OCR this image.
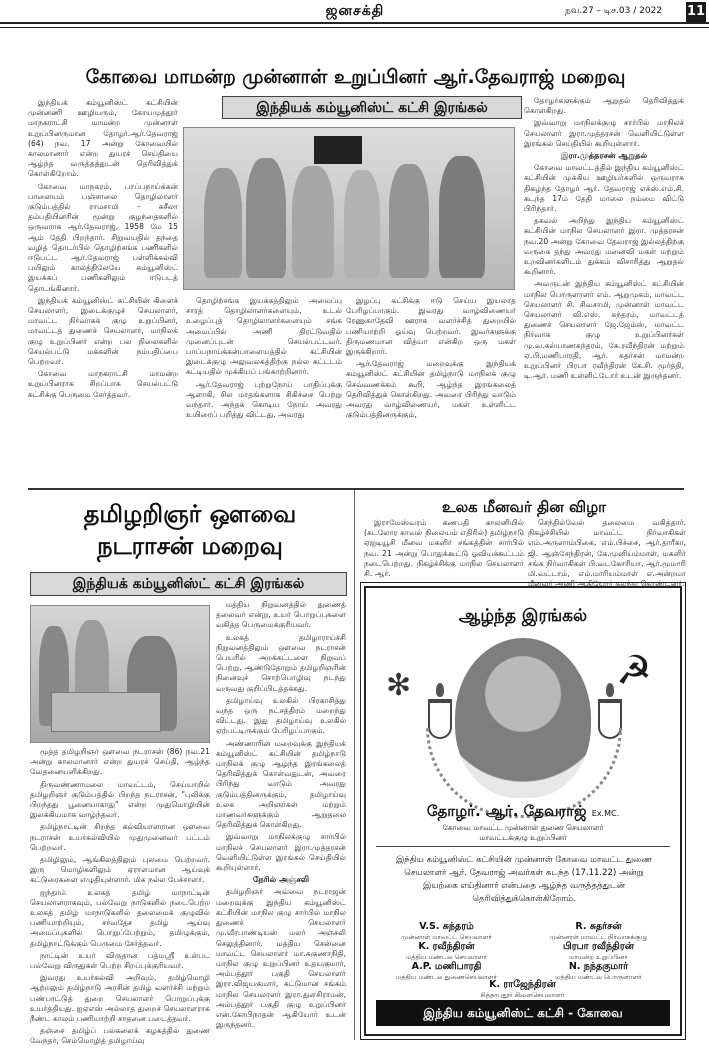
ஜனசக்தி	நவ.27 – டிச.03 / 2022 11
கோவை மாமன்ற முன்னாள் உறுப்பினர் ஆர்.தேவராஜ் மறைவு
இந்தியக் கம்யூனிஸ்ட் கட்சி இரங்கல்

இந்தியக் கம்யூனிஸ்ட் கட்சியின் முன்னணி ஊழியரும், கோயமுத்தூர் மாநகராட்சி மாமன்ற முன்னாள் உறுப்பினருமான தோழர்.ஆர்.தேவராஜ் (64) நவ. 17 அன்று கோவையில் காலமானார் என்ற துயரச் செய்தியை ஆழ்ந்த வருத்தத்துடன் தெரிவித்துக் கொள்கிறோம்.

கோவை மாநகரம், பாப்பநாய்க்கன் பாளையம் பஞ்சாலை தொழிலாளர் குடும்பத்தில் ராமசாமி - சுசீலா தம்பதியினரின் மூன்று குழந்தைகளில் ஒருவராக ஆர்.தேவராஜ், 1958 மே 15 ஆம் தேதி பிறந்தார். சிறுவயதில் தந்தை வழித் தொடர்பில் தொழிற்சங்க பணிகளில் ஈடுபட்ட ஆர்.தேவராஜ் பள்ளிக்கல்வி பயிலும் காலத்திலேயே கம்யூனிஸ்ட் இயக்கப் பணிகளிலும் ஈடுபடத் தொடங்கினார்.

இந்தியக் கம்யூனிஸ்ட் கட்சியின் கிளைச் செயலாளர், இடைக்குழுச் செயலாளர், மாவட்ட நிர்வாகக் குழு உறுப்பினர், மாவட்டத் துணைச் செயலாளர், மாநிலக் குழு உறுப்பினர் என்ற பல நிலைகளில் செயல்பட்டு மக்களின் நம்பதிப்பை பெற்றவர்.

கோவை மாநகராட்சி மாமன்ற உறுப்பினராக சிறப்பாக செயல்பட்டு கட்சிக்கு பெருமை சேர்த்தவர்.

தொழிற்சங்க இயக்கத்திலும் அமைப்பு சாரத் தொழிலாளர்களையும், உடல் உழைப்புத் தொழிலாளர்களையும் சங்க அமைப்பில் அணி திரட்டுவதில் முனைப்புடன் செயல்பட்டவர். பாப்பநாய்க்கன்பாளையத்தில் கட்சியின் இடைக்குழு அலுவலகத்திற்கு நல்ல கட்டடம் கட்டியதில் முக்கியப் பங்காற்றினார்.

ஆர்.தேவராஜ் புற்றுநோய் பாதிப்புக்கு ஆளாகி, சில மாதங்களாக சிகிச்சை பெற்று வந்தார். அந்தக் கொடிய நோய் அவரது உயிரைப் பறித்து விட்டது. அவரது

இழப்பு கட்சிக்கு ஈடு செய்ய இயலாத பேரிழப்பாகும். இவரது வாழ்விணையர் ரேணுகாதேவி ஊராக வளர்ச்சித் துறையில் பணியாற்றி ஓய்வு பெற்றவர். இவர்களுக்கு திருமணமான வித்யா என்கிற ஒரு மகள் இருக்கிறார்.

ஆர்.தேவராஜ் மறைவுக்கு இந்தியக் கம்யூனிஸ்ட் கட்சியின் தமிழ்நாடு மாநிலக் குழு செவ்வணக்கம் கூறி, ஆழ்ந்த இரங்கலைத் தெரிவித்துக் கொள்கிறது. அவரை பிரிந்து வாடும் அவரது வாழ்விணையர், மகள் உள்ளிட்ட குடும்பத்தினருக்கும்,

தோழர்களுக்கும் ஆறுதல் தெரிவித்துக் கொள்கிறது.

இவ்வாறு மாநிலக்குழு சார்பில் மாநிலச் செயலாளர் இரா.முத்தரசன் வெளியிட்டுள்ள இரங்கல் செய்தியில் கூறியுள்ளார்.

இரா.முத்தரசன் ஆறுதல்

கோவை மாவட்டத்தில் இந்திய கம்யூனிஸ்ட் கட்சியின் முக்கிய ஊழியர்களில் ஒருவராக திகழ்ந்த தோழர் ஆர். தேவராஜ் எக்ஸ்.எம்.சி. கடந்த 17ம் தேதி மாலை நம்மை விட்டு பிரிந்தார்.

தகவல் அறிந்து இந்திய கம்யூனிஸ்ட் கட்சியின் மாநில செயலாளர் இரா. முத்தரசன் நவ.20 அன்று கோவை தேவராஜ் இல்லத்திற்கு வருகை தந்து அவரது மனைவி மகள் மற்றும் உறவினர்களிடம் துக்கம் விசாரித்து ஆறுதல் கூறினார்.

அவருடன் இந்திய கம்யூனிஸ்ட் கட்சியின் மாநில பொருளாளர் எம். ஆறுமுகம், மாவட்ட செயலாளர் சி. சிவசாமி, முன்னாள் மாவட்ட செயலாளர் வி.எஸ். சுந்தரம், மாவட்டத் துணைச் செயலாளர் ஜே.ஜேம்ஸ், மாவட்ட நிர்வாக குழு உறுப்பினர்கள் மு.வ.கல்யாணசுந்தரம், கே.ரவீந்திரன் மற்றும் ஏ.பி.மணிபாரதி, ஆர். சுதர்சன் மாமன்ற உறுப்பினர் பிரபா ரவீந்திரன் கே.சி. மூர்த்தி, டி.ஆர். மணி உள்ளிட்டோர் உடன் இருந்தனர்.

தமிழறிஞர் ஔவை
நடராசன் மறைவு
இந்தியக் கம்யூனிஸ்ட் கட்சி இரங்கல்

மூத்த தமிழறிஞர் ஔவை நடராசன் (86) நவ.21 அன்று காலமானார் என்ற துயரச் செய்தி, ஆழ்ந்த வேதனையளிக்கிறது.

திருவண்ணாமலை மாவட்டம், செய்யாறில் தமிழறிஞர் குடும்பத்தில் பிறந்த நடராசன், "புலிக்கு பிறந்தது பூனையாகாது" என்ற முதுமொழியின் இலக்கியமாக வாழ்ந்தவர்.

தமிழ்நாட்டின் சிறந்த கல்வியாளரான ஔவை நடராசன் உயர்கல்வியில் முதுமுனைவர் பட்டம் பெற்றவர்.

தமிழிலும், ஆங்கிலத்திலும் புலமை பெற்றவர். இரு மொழிகளிலும் ஏராளமான ஆய்வுக் கட்டுரைகளை எழுதியுள்ளார். மிக நல்ல பேச்சாளர்.

ஐந்தாம் உலகத் தமிழ் மாநாட்டின் செயலாளராகவும், பல்வேறு நாடுகளில் நடைபெற்ற உலகத் தமிழ் மாநாடுகளில் தலைமைக் குழுவில் பணியாற்றியும், சர்வதேச தமிழ் ஆய்வு அமைப்புகளில் பொறுப்பேற்றும், தமிழுக்கும், தமிழ்நாட்டுக்கும் பெருமை சேர்த்தவர்.

நாட்டின் உயர் விருதான பத்மஸ்ரீ உள்பட பல்வேறு விருதுகள் பெற்ற சிறப்புக்குரியவர்.

இவரது உயர்கல்வி அறிவும், தமிழ்மொழி ஆற்றலும் தமிழ்நாடு அரசின் தமிழ் வளர்ச்சி மற்றும் பண்பாட்டுத் துறை செயலாளர் பொறுப்புக்கு உயர்த்தியது. ஐஏஎஸ் அல்லாத துறைச் செயலாளராக நீண்ட காலம் பணியாற்றி சாதனை படைத்தவர்.

தஞ்சை தமிழ்ப் பல்கலைக் கழகத்தில் துணை வேந்தர், செம்மொழித் தமிழாய்வு

மத்திய நிறுவனத்தில் துணைத் தலைவர் என்று, உயர் பொறுப்புகளை வகித்த பெருமைக்குரியவர்.

உலகத் தமிழாராய்ச்சி நிறுவனத்திலும் ஔவை நடராசன் பெயரில் அறக்கட்டளை நிறுவப் பெற்று, ஆண்டுதோறும் தமிழறிஞரின் நினைவுச் சொற்பொழிவு நடந்து வருவது குறிப்பிடத்தக்கது.

தமிழாய்வு உலகில் பிரகாசித்து வந்த ஒரு நட்சத்திரம் மறைந்து விட்டது. இது தமிழாய்வு உலகில் ஏற்பட்டிருக்கும் பேரிழப்பாகும்.

அண்ணாரின் மறைவுக்கு இந்தியக் கம்யூனிஸ்ட் கட்சியின் தமிழ்நாடு மாநிலக் குழு ஆழ்ந்த இரங்கலைத் தெரிவித்துக் கொள்வதுடன், அவரை பிரிந்து வாடும் அவரது குடும்பத்தினருக்கும், தமிழாய்வு உலக அறிஞர்கள் மற்றும் மாணவர்களுக்கும் ஆறுதலை தெரிவித்துக் கொள்கிறது.

இவ்வாறு மாநிலக்குழு சார்பில் மாநிலச் செயலாளர் இரா.முத்தரசன் வெளியிட்டுள்ள இரங்கல் செய்தியில் கூறியுள்ளார்.

நேரில் அஞ்சலி

தமிழறிஞர் அவ்வை நடராஜன் மறைவுக்கு இந்திய கம்யூனிஸ்ட் கட்சியின் மாநில குழு சார்பில் மாநில துணைச் செயலாளர் மு.வீரபாண்டியன் மலர் அஞ்சலி செலுத்தினார். மத்திய சென்னை மாவட்ட செயலாளர் மா.சுகுணாநிதி, மாநில குழு உறுப்பினர் உதயகுமார், அம்பத்தூர் பகுதி செயலாளர் இரா.விஜயகுமார், கட்டுமான சங்கம் மாநில செயலாளர் இரா.துளசிராமன், அம்பத்தூர் பகுதி குழு உறுப்பினர் என்.கோபிநாதன் ஆகியோர் உடன் இருந்தனர்.

உலக மீனவர் தின விழா

இராமேஸ்வரம் கணபதி காலனியில் (கடலோர காவல் நிலையம் எதிரில்) தமிழ்நாடு ஏஐடியூசி மீனவ மகளிர் சங்கத்தின் சார்பில் நவ. 21 அன்று பொதுக்கூட்டு ஓவியக்கூட்டம் நடைபெற்றது. நிகழ்ச்சிக்கு மாநில செயலாளர் சி. ஆர்.

செந்தில்வேல் தலைமை வகித்தார். நிகழ்ச்சியில் மாவட்ட நிர்வாகிகள் எம்.அருளாம்பிகை, எம்.பிச்சை, ஆர்.தாரீகா, ஜி. ஆஞ்சேந்திரன், கே.முனியம்மாள், மகளிர் சங்க நிர்வாகிகள் பி.வடகோரியா, ஆர்.மூமாரி மி.வட்டாம், எம்.மாரியம்மாள் எ.அன்றமா மீனவர் அணி ஆகியோர் கலந்து கொண்டனர்.

ஆழ்ந்த இரங்கல்
✻	☭
தோழர். ஆர். தேவராஜ் Ex.MC.
கோவை மாவட்ட முன்னாள் துணை செயலாளர்
மாவட்டக்குழு உறுப்பினர்
இந்திய கம்யூனிஸ்ட் கட்சியின் முன்னாள் கோவை மாவட்ட துணை செயலாளர் ஆர். தேவராஜ் அவர்கள் கடந்த (17.11.22) அன்று இயற்கை எய்தினார் என்பதை ஆழ்ந்த வருத்தத்துடன் தெரிவித்துக்கொள்கிறோம்.
V.S. சுந்தரம்
முன்னாள் மாவட்ட செயலாளர்
R. சுதர்சன்
முன்னாள் மாவட்ட நிர்வாகக்குழு
K. ரவீந்திரன்
மத்திய மண்டல செயலாளர்
பிரபா ரவீந்திரன்
மாமன்ற உறுப்பினர்
A.P. மணிபாரதி
மத்திய மண்டல துணைசெயலாளர்
N. நந்தகுமார்
மத்திய மண்டல பொருளாளர்
K. ராஜேந்திரன்
சித்தாபுதூர் கிளைசெயலாளர்
இந்திய கம்யூனிஸ்ட் கட்சி - கோவை
